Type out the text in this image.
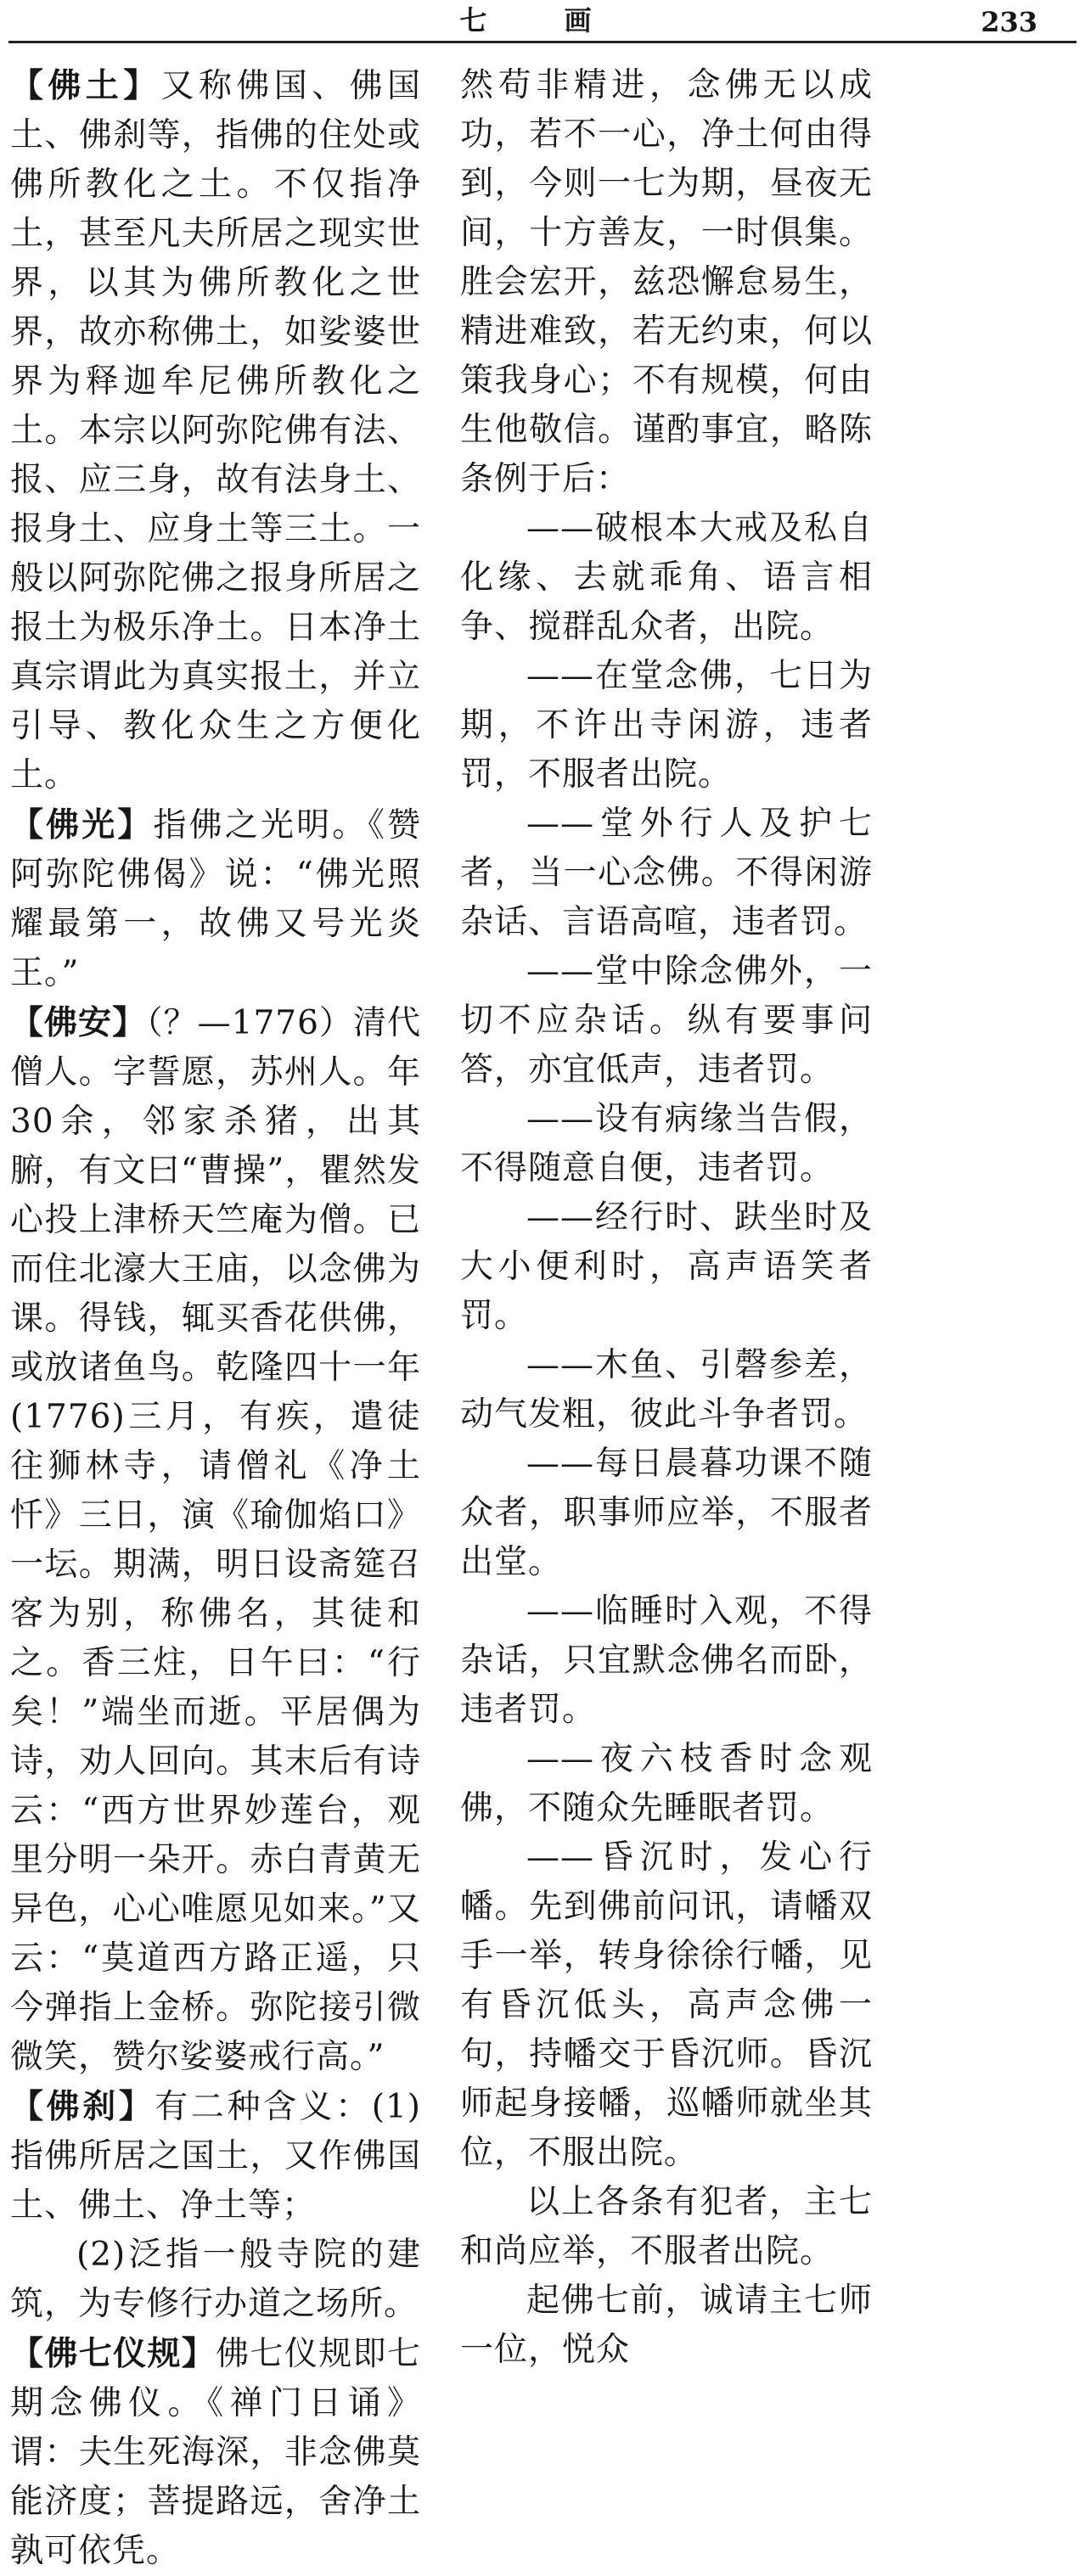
七 画	233

【佛土】又称佛国、佛国土、佛刹等，指佛的住处或佛所教化之土。不仅指净土，甚至凡夫所居之现实世界，以其为佛所教化之世界，故亦称佛土，如娑婆世界为释迦牟尼佛所教化之土。本宗以阿弥陀佛有法、报、应三身，故有法身土、报身土、应身土等三土。一般以阿弥陀佛之报身所居之报土为极乐净土。日本净土真宗谓此为真实报土，并立引导、教化众生之方便化土。

【佛光】指佛之光明。《赞阿弥陀佛偈》说：“佛光照耀最第一，故佛又号光炎王。”

【佛安】（？—1776）清代僧人。字誓愿，苏州人。年30余，邻家杀猪，出其腑，有文曰“曹操”，瞿然发心投上津桥天竺庵为僧。已而住北濠大王庙，以念佛为课。得钱，辄买香花供佛，或放诸鱼鸟。乾隆四十一年(1776)三月，有疾，遣徒往狮林寺，请僧礼《净土忏》三日，演《瑜伽焰口》一坛。期满，明日设斋筵召客为别，称佛名，其徒和之。香三炷，日午曰：“行矣！”端坐而逝。平居偶为诗，劝人回向。其末后有诗云：“西方世界妙莲台，观里分明一朵开。赤白青黄无异色，心心唯愿见如来。”又云：“莫道西方路正遥，只今弹指上金桥。弥陀接引微微笑，赞尔娑婆戒行高。”

【佛刹】有二种含义：(1)指佛所居之国土，又作佛国土、佛土、净土等；

(2)泛指一般寺院的建筑，为专修行办道之场所。

【佛七仪规】佛七仪规即七期念佛仪。《禅门日诵》谓：夫生死海深，非念佛莫能济度；菩提路远，舍净土孰可依凭。

然苟非精进，念佛无以成功，若不一心，净土何由得到，今则一七为期，昼夜无间，十方善友，一时俱集。胜会宏开，兹恐懈怠易生，精进难致，若无约束，何以策我身心；不有规模，何由生他敬信。谨酌事宜，略陈条例于后：

——破根本大戒及私自化缘、去就乖角、语言相争、搅群乱众者，出院。

——在堂念佛，七日为期，不许出寺闲游，违者罚，不服者出院。

——堂外行人及护七者，当一心念佛。不得闲游杂话、言语高喧，违者罚。

——堂中除念佛外，一切不应杂话。纵有要事问答，亦宜低声，违者罚。

——设有病缘当告假，不得随意自便，违者罚。

——经行时、趺坐时及大小便利时，高声语笑者罚。

——木鱼、引磬参差，动气发粗，彼此斗争者罚。

——每日晨暮功课不随众者，职事师应举，不服者出堂。

——临睡时入观，不得杂话，只宜默念佛名而卧，违者罚。

——夜六枝香时念观佛，不随众先睡眠者罚。

——昏沉时，发心行幡。先到佛前问讯，请幡双手一举，转身徐徐行幡，见有昏沉低头，高声念佛一句，持幡交于昏沉师。昏沉师起身接幡，巡幡师就坐其位，不服出院。

以上各条有犯者，主七和尚应举，不服者出院。

起佛七前，诚请主七师一位，悦众
